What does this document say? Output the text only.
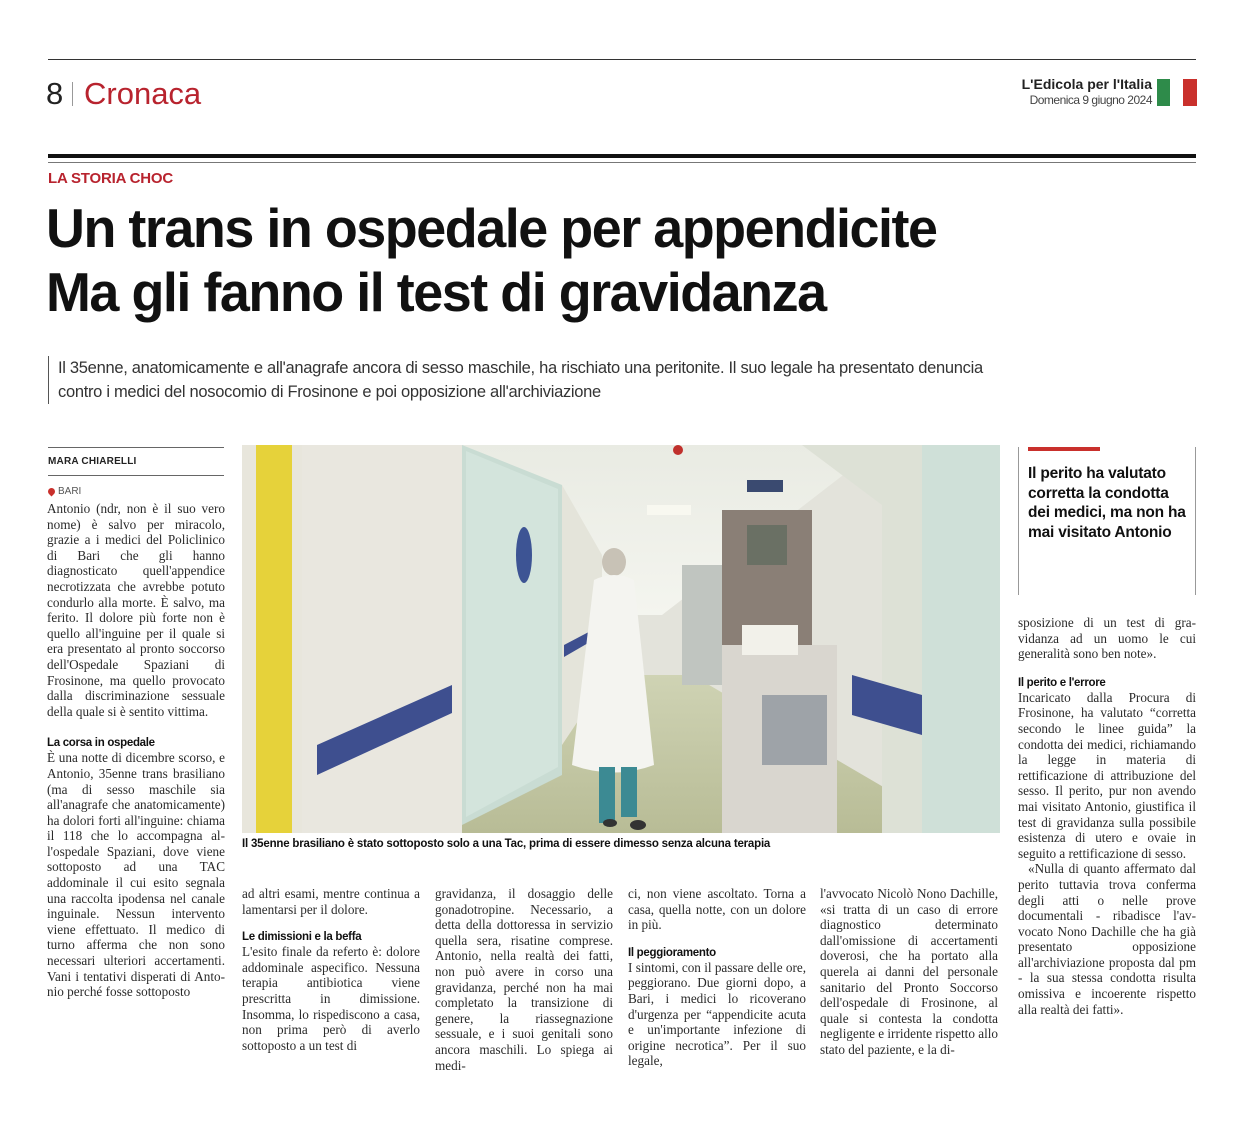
8 Cronaca	L'Edicola per l'Italia
Domenica 9 giugno 2024
LA STORIA CHOC
Un trans in ospedale per appendicite
Ma gli fanno il test di gravidanza
Il 35enne, anatomicamente e all'anagrafe ancora di sesso maschile, ha rischiato una peritonite. Il suo legale ha presentato denuncia
contro i medici del nosocomio di Frosinone e poi opposizione all'archiviazione
MARA CHIARELLI
BARI

Antonio (ndr, non è il suo vero nome) è salvo per miracolo, grazie a i medici del Policlinico di Bari che gli hanno diagnosticato quell'appendice necrotizzata che avrebbe potuto condurlo alla morte. È salvo, ma ferito. Il dolore più forte non è quello all'inguine per il quale si era presentato al pronto soccorso dell'Ospedale Spaziani di Frosinone, ma quello provocato dalla discriminazione sessuale della quale si è sentito vittima.

La corsa in ospedale

È una notte di dicembre scorso, e Antonio, 35enne trans brasiliano (ma di sesso maschile sia all'anagrafe che anatomicamente) ha dolori forti all'inguine: chiama il 118 che lo accompagna all'ospedale Spaziani, dove viene sottoposto ad una TAC addominale il cui esito segnala una raccolta ipodensa nel canale inguinale. Nessun intervento viene effettuato. Il medico di turno afferma che non sono necessari ulteriori accertamenti. Vani i tentativi disperati di Antonio perché fosse sottoposto

Il 35enne brasiliano è stato sottoposto solo a una Tac, prima di essere dimesso senza alcuna terapia

ad altri esami, mentre continua a lamentarsi per il dolore.

Le dimissioni e la beffa

L'esito finale da referto è: dolore addominale aspecifico. Nessuna terapia antibiotica viene prescritta in dimissione. Insomma, lo rispediscono a casa, non prima però di averlo sottoposto a un test di

gravidanza, il dosaggio delle gonadotropine. Necessario, a detta della dottoressa in servizio quella sera, risatine comprese. Antonio, nella realtà dei fatti, non può avere in corso una gravidanza, perché non ha mai completato la transizione di genere, la riassegnazione sessuale, e i suoi genitali sono ancora maschili. Lo spiega ai medi-

ci, non viene ascoltato. Torna a casa, quella notte, con un dolore in più.

Il peggioramento

I sintomi, con il passare delle ore, peggiorano. Due giorni dopo, a Bari, i medici lo ricoverano d'urgenza per “appendicite acuta e un'importante infezione di origine necrotica”. Per il suo legale,

l'avvocato Nicolò Nono Dachille, «si tratta di un caso di errore diagnostico determinato dall'omissione di accertamenti doverosi, che ha portato alla querela ai danni del personale sanitario del Pronto Soccorso dell'ospedale di Frosinone, al quale si contesta la condotta negligente e irridente rispetto allo stato del paziente, e la di-

Il perito ha valutato corretta la condotta dei medici, ma non ha mai visitato Antonio

sposizione di un test di gravidanza ad un uomo le cui generalità sono ben note».

Il perito e l'errore

Incaricato dalla Procura di Frosinone, ha valutato “corretta secondo le linee guida” la condotta dei medici, richiamando la legge in materia di rettificazione di attribuzione del sesso. Il perito, pur non avendo mai visitato Antonio, giustifica il test di gravidanza sulla possibile esistenza di utero e ovaie in seguito a rettificazione di sesso.

«Nulla di quanto affermato dal perito tuttavia trova conferma degli atti o nelle prove documentali - ribadisce l'avvocato Nono Dachille che ha già presentato opposizione all'archiviazione proposta dal pm - la sua stessa condotta risulta omissiva e incoerente rispetto alla realtà dei fatti».
